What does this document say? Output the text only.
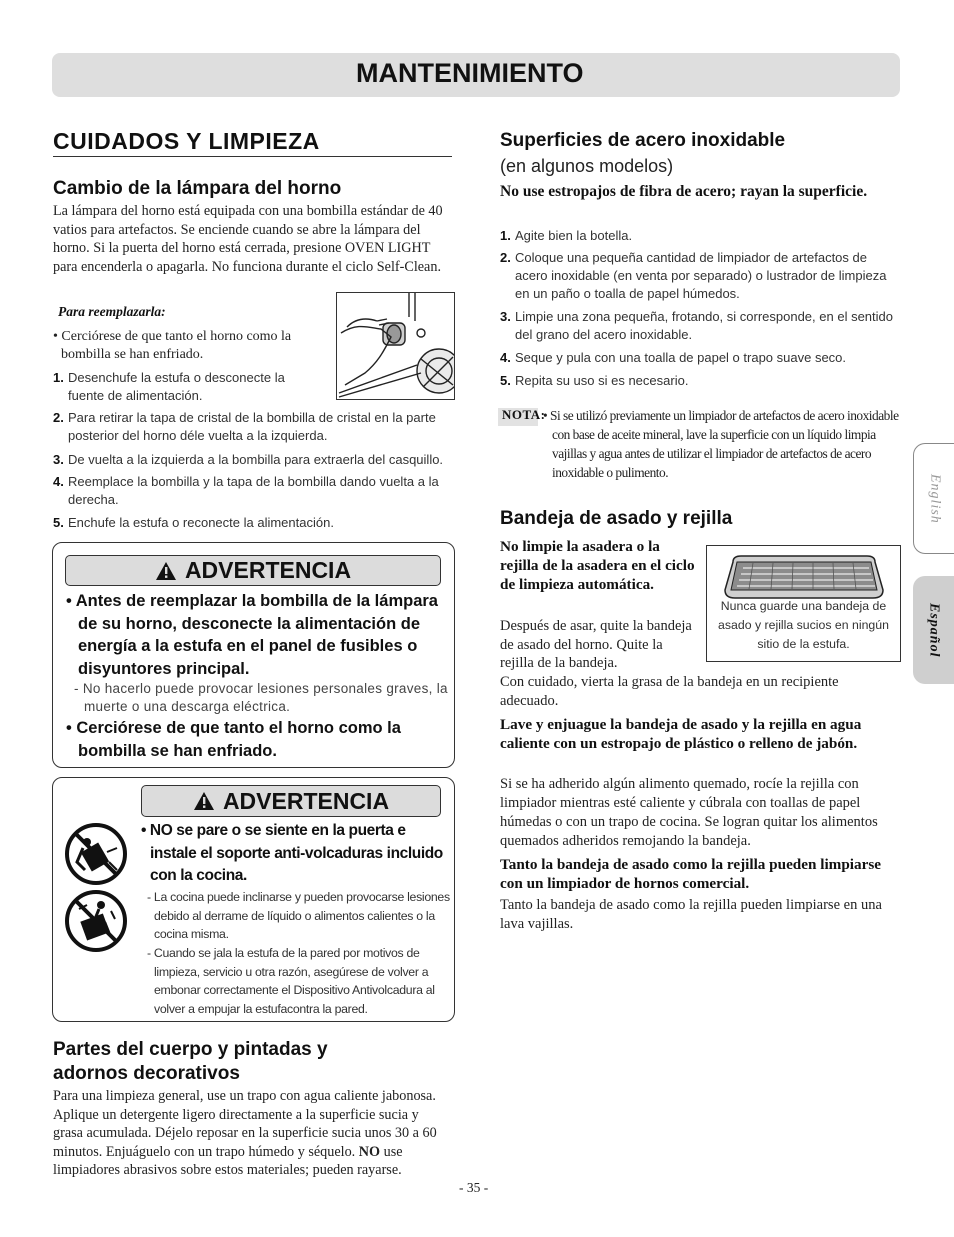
MANTENIMIENTO
CUIDADOS Y LIMPIEZA
Cambio de la lámpara del horno
La lámpara del horno está equipada con una bombilla estándar de 40 vatios para artefactos. Se enciende cuando se abre la lámpara del horno. Si la puerta del horno está cerrada, presione OVEN LIGHT para encenderla o apagarla. No funciona durante el ciclo Self-Clean.
Para reemplazarla:
• Cerciórese de que tanto el horno como la bombilla se han enfriado.
1. Desenchufe la estufa o desconecte la fuente de alimentación.
2. Para retirar la tapa de cristal de la bombilla de cristal en la parte posterior del horno déle vuelta a la izquierda.
3. De vuelta a la izquierda a la bombilla para extraerla del casquillo.
4. Reemplace la bombilla y la tapa de la bombilla dando vuelta a la derecha.
5. Enchufe la estufa o reconecte la alimentación.
ADVERTENCIA
• Antes de reemplazar la bombilla de la lámpara de su horno, desconecte la alimentación de energía a la estufa en el panel de fusibles o disyuntores principal.
- No hacerlo puede provocar lesiones personales graves, la muerte o una descarga eléctrica.
• Cerciórese de que tanto el horno como la bombilla se han enfriado.
ADVERTENCIA
• NO se pare o se siente en la puerta e instale el soporte anti-volcaduras incluido con la cocina.
- La cocina puede inclinarse y pueden provocarse lesiones debido al derrame de líquido o alimentos calientes o la cocina misma.
- Cuando se jala la estufa de la pared por motivos de limpieza, servicio u otra razón, asegúrese de volver a embonar correctamente el Dispositivo Antivolcadura al volver a empujar la estufacontra la pared.
Partes del cuerpo y pintadas y
adornos decorativos
Para una limpieza general, use un trapo con agua caliente jabonosa. Aplique un detergente ligero directamente a la superficie sucia y grasa acumulada. Déjelo reposar en la superficie sucia unos 30 a 60 minutos. Enjuáguelo con un trapo húmedo y séquelo. NO use limpiadores abrasivos sobre estos materiales; pueden rayarse.
- 35 -
Superficies de acero inoxidable
(en algunos modelos)
No use estropajos de fibra de acero; rayan la superficie.
1. Agite bien la botella.
2. Coloque una pequeña cantidad de limpiador de artefactos de acero inoxidable (en venta por separado) o lustrador de limpieza en un paño o toalla de papel húmedos.
3. Limpie una zona pequeña, frotando, si corresponde, en el sentido del grano del acero inoxidable.
4. Seque y pula con una toalla de papel o trapo suave seco.
5. Repita su uso si es necesario.
NOTA:
• Si se utilizó previamente un limpiador de artefactos de acero inoxidable con base de aceite mineral, lave la superficie con un líquido limpia vajillas y agua antes de utilizar el limpiador de artefactos de acero inoxidable o pulimento.
Bandeja de asado y rejilla
No limpie la asadera o la rejilla de la asadera en el ciclo de limpieza automática.
Después de asar, quite la bandeja de asado del horno. Quite la rejilla de la bandeja.
Nunca guarde una bandeja de asado y rejilla sucios en ningún sitio de la estufa.
Con cuidado, vierta la grasa de la bandeja en un recipiente adecuado.
Lave y enjuague la bandeja de asado y la rejilla en agua caliente con un estropajo de plástico o relleno de jabón.
Si se ha adherido algún alimento quemado, rocíe la rejilla con limpiador mientras esté caliente y cúbrala con toallas de papel húmedas o con un trapo de cocina. Se logran quitar los alimentos quemados adheridos remojando la bandeja.
Tanto la bandeja de asado como la rejilla pueden limpiarse con un limpiador de hornos comercial.
Tanto la bandeja de asado como la rejilla pueden limpiarse en una lava vajillas.
English
Español
